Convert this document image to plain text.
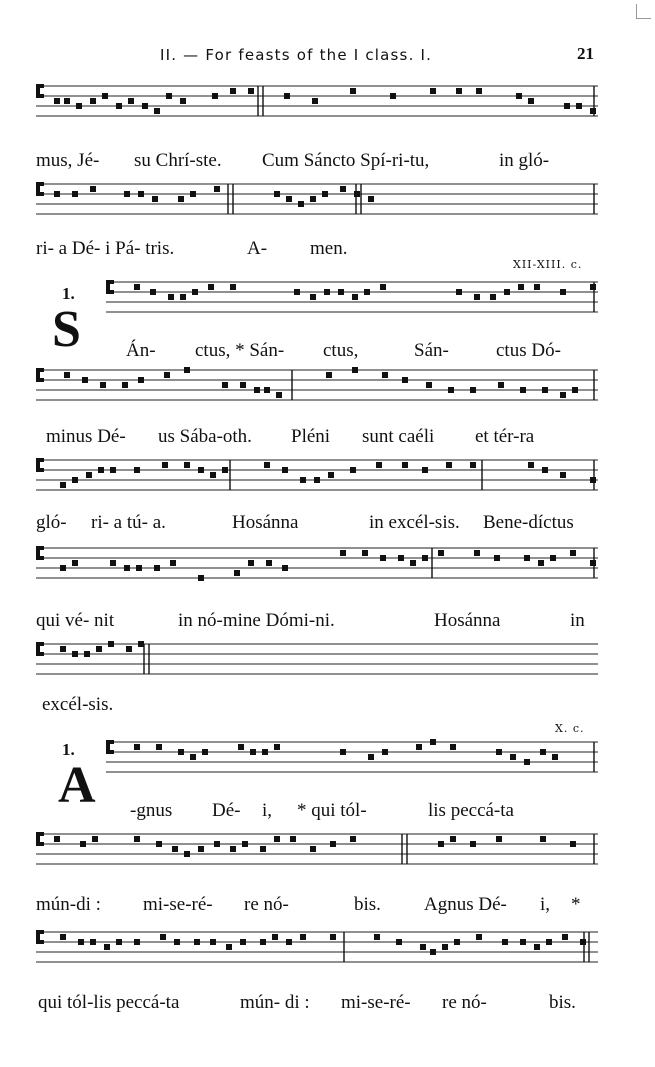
II. — For feasts of the I class. I.	21
mus, Jé- su Chrí-ste. Cum Sáncto Spí-ri-tu,	in gló-
ri- a Dé- i Pá- tris.	A- men.
XII-XIII. c.
1.
S Án- ctus, * Sán- ctus,	Sán- ctus Dó-
minus Dé- us Sába-oth. Pléni sunt caéli et tér-ra
gló- ri- a tú- a.	Hosánna	in excél-sis. Bene-díctus
qui vé- nit	in nó-mine Dómi-ni.	Hosánna	in
excél-sis.
X. c.
1.
A -gnus Dé- i, * qui tól-	lis peccá-ta
mún-di : mi-se-ré- re nó-	bis. Agnus Dé- i, *
qui tól-lis peccá-ta	mún- di : mi-se-ré- re nó-	bis.
